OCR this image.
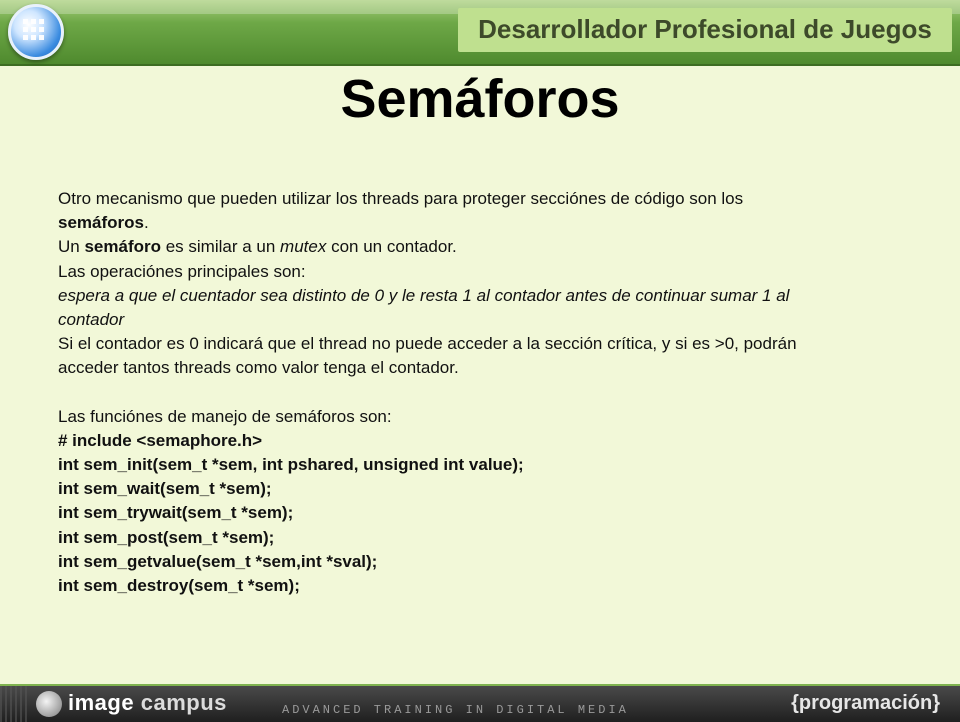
Desarrollador Profesional de Juegos
Semáforos

Otro mecanismo que pueden utilizar los threads para proteger secciónes de código son los semáforos.

Un semáforo es similar a un mutex con un contador.

Las operaciónes principales son:

espera a que el cuentador sea distinto de 0 y le resta 1 al contador antes de continuar sumar 1 al contador

Si el contador es 0 indicará que el thread no puede acceder a la sección crítica, y si es >0, podrán acceder tantos threads como valor tenga el contador.

Las funciónes de manejo de semáforos son:

# include <semaphore.h>

int sem_init(sem_t *sem, int pshared, unsigned int value);

int sem_wait(sem_t *sem);

int sem_trywait(sem_t *sem);

int sem_post(sem_t *sem);

int sem_getvalue(sem_t *sem,int *sval);

int sem_destroy(sem_t *sem);

image campus	ADVANCED TRAINING IN DIGITAL MEDIA	{programación}
